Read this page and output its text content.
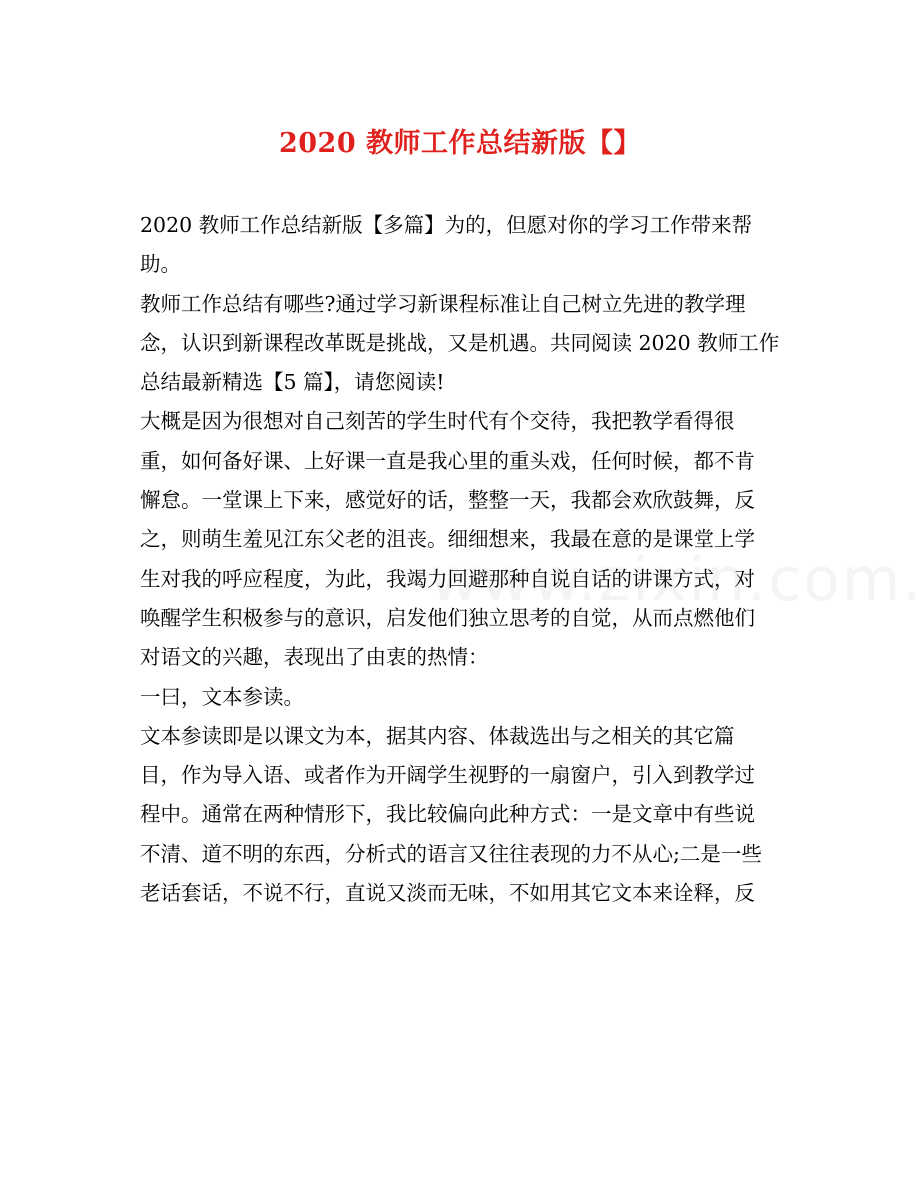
2020 教师工作总结新版【】
2020 教师工作总结新版【多篇】为的，但愿对你的学习工作带来帮
助。
教师工作总结有哪些?通过学习新课程标准让自己树立先进的教学理
念，认识到新课程改革既是挑战，又是机遇。共同阅读 2020 教师工作
总结最新精选【5 篇】，请您阅读!
大概是因为很想对自己刻苦的学生时代有个交待，我把教学看得很
重，如何备好课、上好课一直是我心里的重头戏，任何时候，都不肯
懈怠。一堂课上下来，感觉好的话，整整一天，我都会欢欣鼓舞，反
之，则萌生羞见江东父老的沮丧。细细想来，我最在意的是课堂上学
生对我的呼应程度，为此，我竭力回避那种自说自话的讲课方式，对
唤醒学生积极参与的意识，启发他们独立思考的自觉，从而点燃他们
对语文的兴趣，表现出了由衷的热情：
一曰，文本参读。
文本参读即是以课文为本，据其内容、体裁选出与之相关的其它篇
目，作为导入语、或者作为开阔学生视野的一扇窗户，引入到教学过
程中。通常在两种情形下，我比较偏向此种方式：一是文章中有些说
不清、道不明的东西，分析式的语言又往往表现的力不从心;二是一些
老话套话，不说不行，直说又淡而无味，不如用其它文本来诠释，反
